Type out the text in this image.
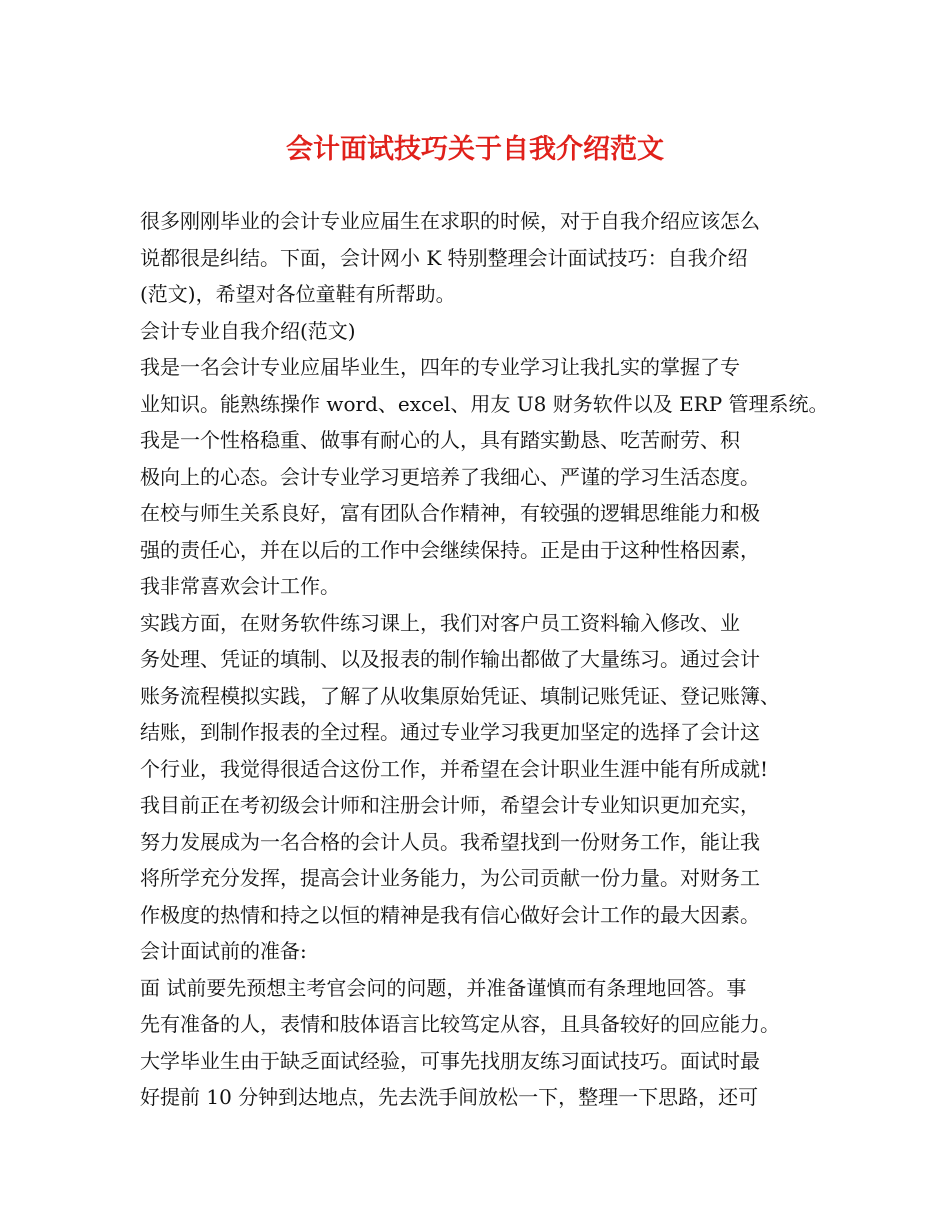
会计面试技巧关于自我介绍范文
很多刚刚毕业的会计专业应届生在求职的时候，对于自我介绍应该怎么
说都很是纠结。下面，会计网小 K 特别整理会计面试技巧：自我介绍
(范文)，希望对各位童鞋有所帮助。
会计专业自我介绍(范文)
我是一名会计专业应届毕业生，四年的专业学习让我扎实的掌握了专
业知识。能熟练操作 word、excel、用友 U8 财务软件以及 ERP 管理系统。
我是一个性格稳重、做事有耐心的人，具有踏实勤恳、吃苦耐劳、积
极向上的心态。会计专业学习更培养了我细心、严谨的学习生活态度。
在校与师生关系良好，富有团队合作精神，有较强的逻辑思维能力和极
强的责任心，并在以后的工作中会继续保持。正是由于这种性格因素，
我非常喜欢会计工作。
实践方面，在财务软件练习课上，我们对客户员工资料输入修改、业
务处理、凭证的填制、以及报表的制作输出都做了大量练习。通过会计
账务流程模拟实践，了解了从收集原始凭证、填制记账凭证、登记账簿、
结账，到制作报表的全过程。通过专业学习我更加坚定的选择了会计这
个行业，我觉得很适合这份工作，并希望在会计职业生涯中能有所成就!
我目前正在考初级会计师和注册会计师，希望会计专业知识更加充实，
努力发展成为一名合格的会计人员。我希望找到一份财务工作，能让我
将所学充分发挥，提高会计业务能力，为公司贡献一份力量。对财务工
作极度的热情和持之以恒的精神是我有信心做好会计工作的最大因素。
会计面试前的准备:
面 试前要先预想主考官会问的问题，并准备谨慎而有条理地回答。事
先有准备的人，表情和肢体语言比较笃定从容，且具备较好的回应能力。
大学毕业生由于缺乏面试经验，可事先找朋友练习面试技巧。面试时最
好提前 10 分钟到达地点，先去洗手间放松一下，整理一下思路，还可
